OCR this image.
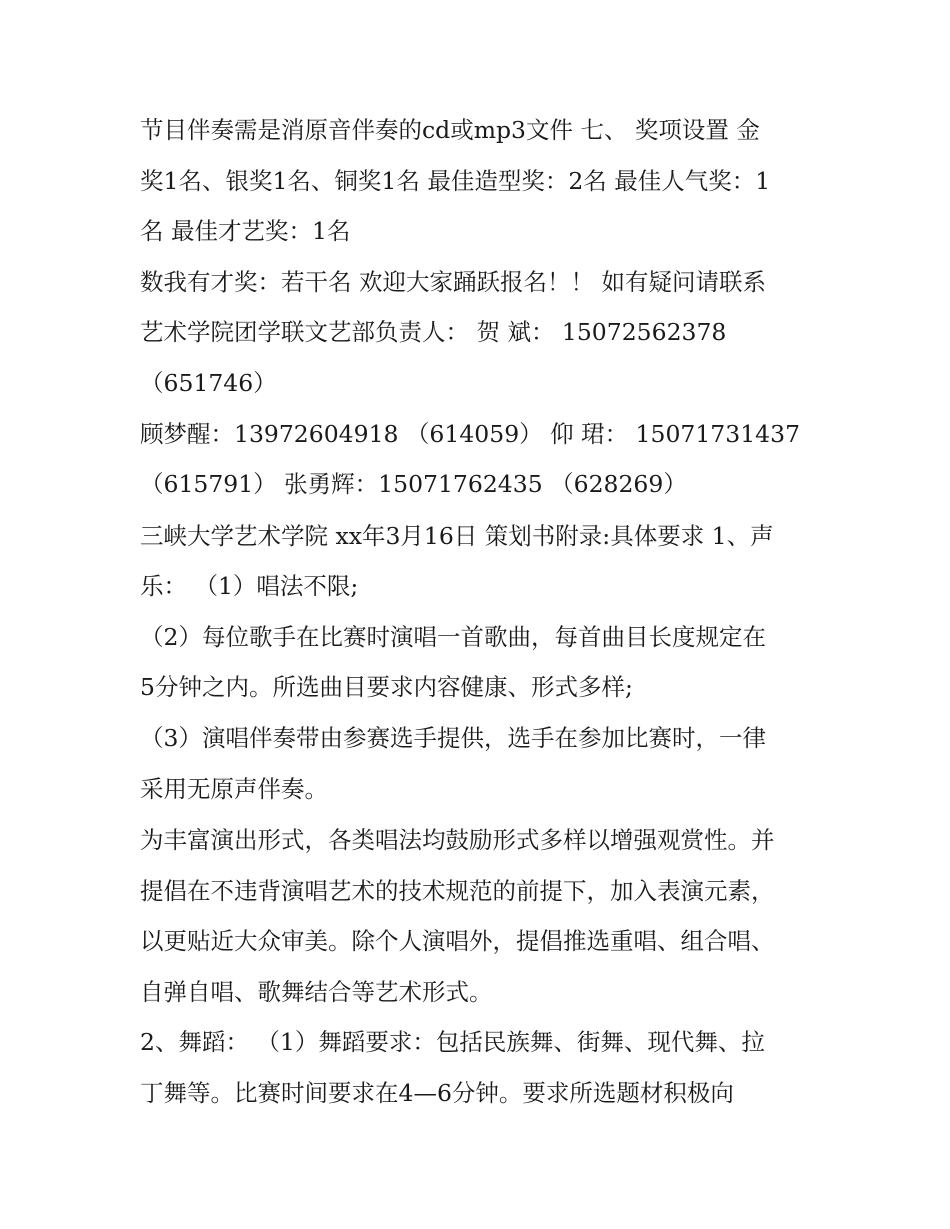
节目伴奏需是消原音伴奏的cd或mp3文件 七、 奖项设置 金
奖1名、银奖1名、铜奖1名 最佳造型奖：2名 最佳人气奖：1
名 最佳才艺奖：1名
数我有才奖：若干名 欢迎大家踊跃报名！！ 如有疑问请联系
艺术学院团学联文艺部负责人： 贺 斌： 15072562378
（651746）
顾梦醒：13972604918 （614059） 仰 珺： 15071731437
（615791） 张勇辉：15071762435 （628269）
三峡大学艺术学院 xx年3月16日 策划书附录:具体要求 1、声
乐： （1）唱法不限;
（2）每位歌手在比赛时演唱一首歌曲，每首曲目长度规定在
5分钟之内。所选曲目要求内容健康、形式多样;
（3）演唱伴奏带由参赛选手提供，选手在参加比赛时，一律
采用无原声伴奏。
为丰富演出形式，各类唱法均鼓励形式多样以增强观赏性。并
提倡在不违背演唱艺术的技术规范的前提下，加入表演元素，
以更贴近大众审美。除个人演唱外，提倡推选重唱、组合唱、
自弹自唱、歌舞结合等艺术形式。
2、舞蹈： （1）舞蹈要求：包括民族舞、街舞、现代舞、拉
丁舞等。比赛时间要求在4—6分钟。要求所选题材积极向
